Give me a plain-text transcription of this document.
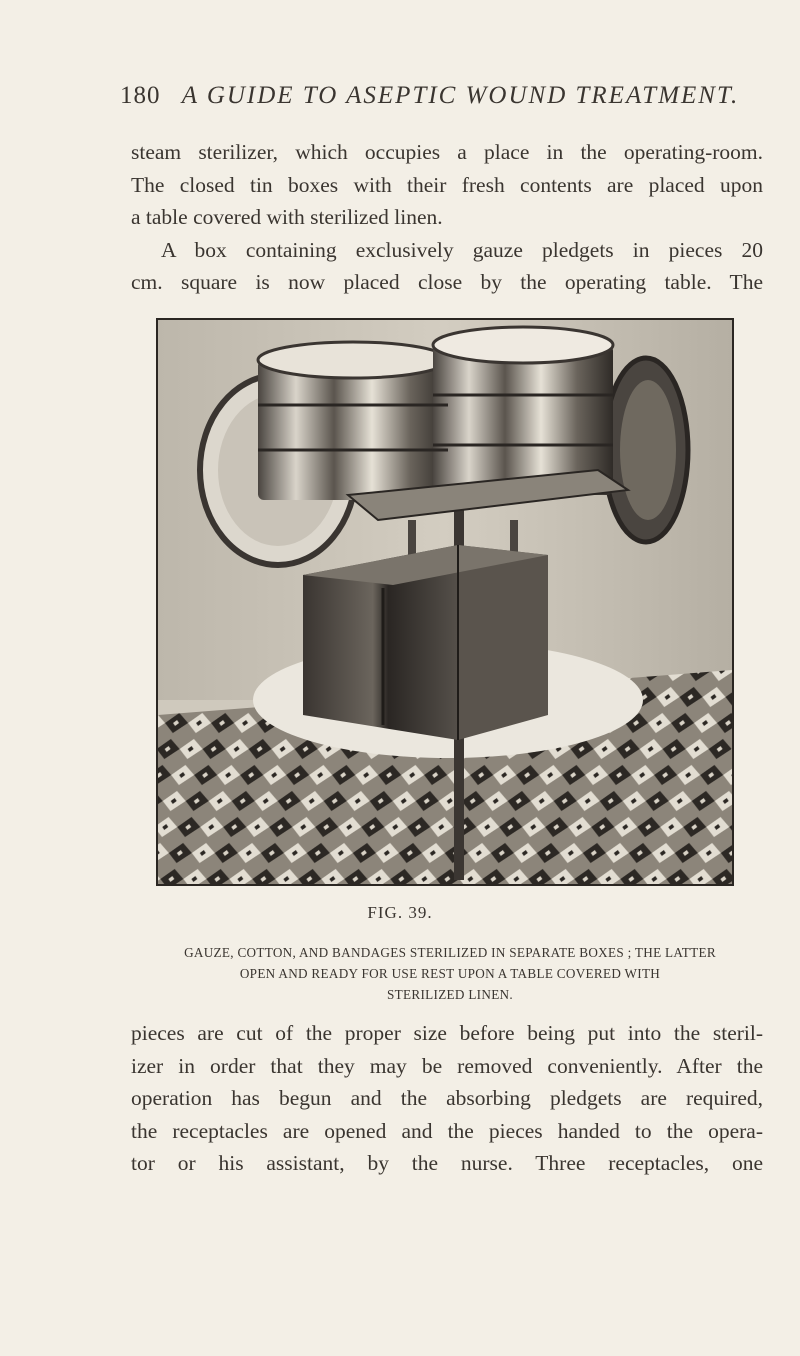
180 A GUIDE TO ASEPTIC WOUND TREATMENT.

steam sterilizer, which occupies a place in the operating-room.
The closed tin boxes with their fresh contents are placed upon
a table covered with sterilized linen.
A box containing exclusively gauze pledgets in pieces 20
cm. square is now placed close by the operating table. The

FIG. 39.
GAUZE, COTTON, AND BANDAGES STERILIZED IN SEPARATE BOXES ; THE LATTER
OPEN AND READY FOR USE REST UPON A TABLE COVERED WITH
STERILIZED LINEN.

pieces are cut of the proper size before being put into the steril-
izer in order that they may be removed conveniently. After the
operation has begun and the absorbing pledgets are required,
the receptacles are opened and the pieces handed to the opera-
tor or his assistant, by the nurse. Three receptacles, one
